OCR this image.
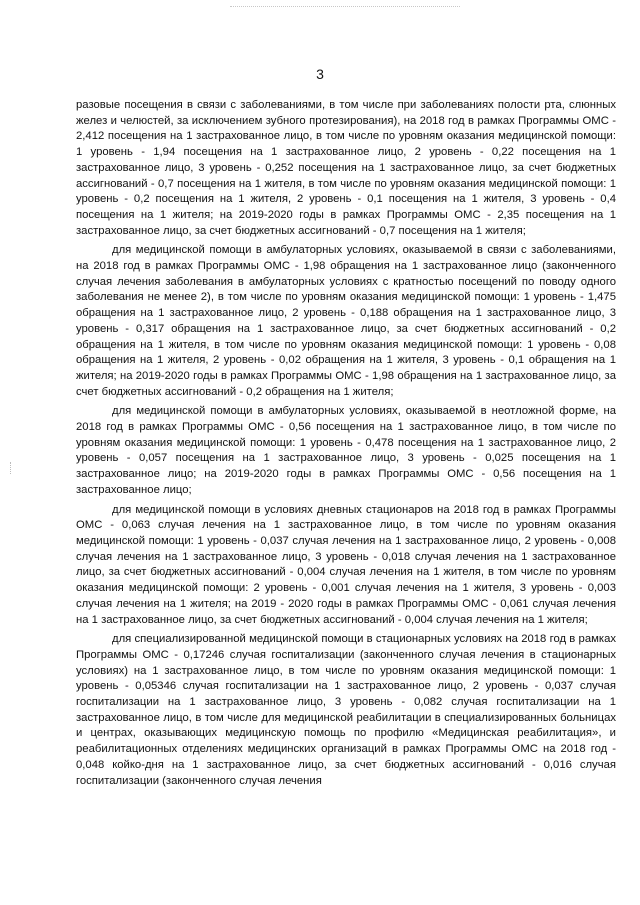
3

разовые посещения в связи с заболеваниями, в том числе при заболеваниях полости рта, слюнных желез и челюстей, за исключением зубного протезирования), на 2018 год в рамках Программы ОМС - 2,412 посещения на 1 застрахованное лицо, в том числе по уровням оказания медицинской помощи: 1 уровень - 1,94 посещения на 1 застрахованное лицо, 2 уровень - 0,22 посещения на 1 застрахованное лицо, 3 уровень - 0,252 посещения на 1 застрахованное лицо, за счет бюджетных ассигнований - 0,7 посещения на 1 жителя, в том числе по уровням оказания медицинской помощи: 1 уровень - 0,2 посещения на 1 жителя, 2 уровень - 0,1 посещения на 1 жителя, 3 уровень - 0,4 посещения на 1 жителя; на 2019-2020 годы в рамках Программы ОМС - 2,35 посещения на 1 застрахованное лицо, за счет бюджетных ассигнований - 0,7 посещения на 1 жителя;

для медицинской помощи в амбулаторных условиях, оказываемой в связи с заболеваниями, на 2018 год в рамках Программы ОМС - 1,98 обращения на 1 застрахованное лицо (законченного случая лечения заболевания в амбулаторных условиях с кратностью посещений по поводу одного заболевания не менее 2), в том числе по уровням оказания медицинской помощи: 1 уровень - 1,475 обращения на 1 застрахованное лицо, 2 уровень - 0,188 обращения на 1 застрахованное лицо, 3 уровень - 0,317 обращения на 1 застрахованное лицо, за счет бюджетных ассигнований - 0,2 обращения на 1 жителя, в том числе по уровням оказания медицинской помощи: 1 уровень - 0,08 обращения на 1 жителя, 2 уровень - 0,02 обращения на 1 жителя, 3 уровень - 0,1 обращения на 1 жителя; на 2019-2020 годы в рамках Программы ОМС - 1,98 обращения на 1 застрахованное лицо, за счет бюджетных ассигнований - 0,2 обращения на 1 жителя;

для медицинской помощи в амбулаторных условиях, оказываемой в неотложной форме, на 2018 год в рамках Программы ОМС - 0,56 посещения на 1 застрахованное лицо, в том числе по уровням оказания медицинской помощи: 1 уровень - 0,478 посещения на 1 застрахованное лицо, 2 уровень - 0,057 посещения на 1 застрахованное лицо, 3 уровень - 0,025 посещения на 1 застрахованное лицо; на 2019-2020 годы в рамках Программы ОМС - 0,56 посещения на 1 застрахованное лицо;

для медицинской помощи в условиях дневных стационаров на 2018 год в рамках Программы ОМС - 0,063 случая лечения на 1 застрахованное лицо, в том числе по уровням оказания медицинской помощи: 1 уровень - 0,037 случая лечения на 1 застрахованное лицо, 2 уровень - 0,008 случая лечения на 1 застрахованное лицо, 3 уровень - 0,018 случая лечения на 1 застрахованное лицо, за счет бюджетных ассигнований - 0,004 случая лечения на 1 жителя, в том числе по уровням оказания медицинской помощи: 2 уровень - 0,001 случая лечения на 1 жителя, 3 уровень - 0,003 случая лечения на 1 жителя; на 2019 - 2020 годы в рамках Программы ОМС - 0,061 случая лечения на 1 застрахованное лицо, за счет бюджетных ассигнований - 0,004 случая лечения на 1 жителя;

для специализированной медицинской помощи в стационарных условиях на 2018 год в рамках Программы ОМС - 0,17246 случая госпитализации (законченного случая лечения в стационарных условиях) на 1 застрахованное лицо, в том числе по уровням оказания медицинской помощи: 1 уровень - 0,05346 случая госпитализации на 1 застрахованное лицо, 2 уровень - 0,037 случая госпитализации на 1 застрахованное лицо, 3 уровень - 0,082 случая госпитализации на 1 застрахованное лицо, в том числе для медицинской реабилитации в специализированных больницах и центрах, оказывающих медицинскую помощь по профилю «Медицинская реабилитация», и реабилитационных отделениях медицинских организаций в рамках Программы ОМС на 2018 год - 0,048 койко-дня на 1 застрахованное лицо, за счет бюджетных ассигнований - 0,016 случая госпитализации (законченного случая лечения
